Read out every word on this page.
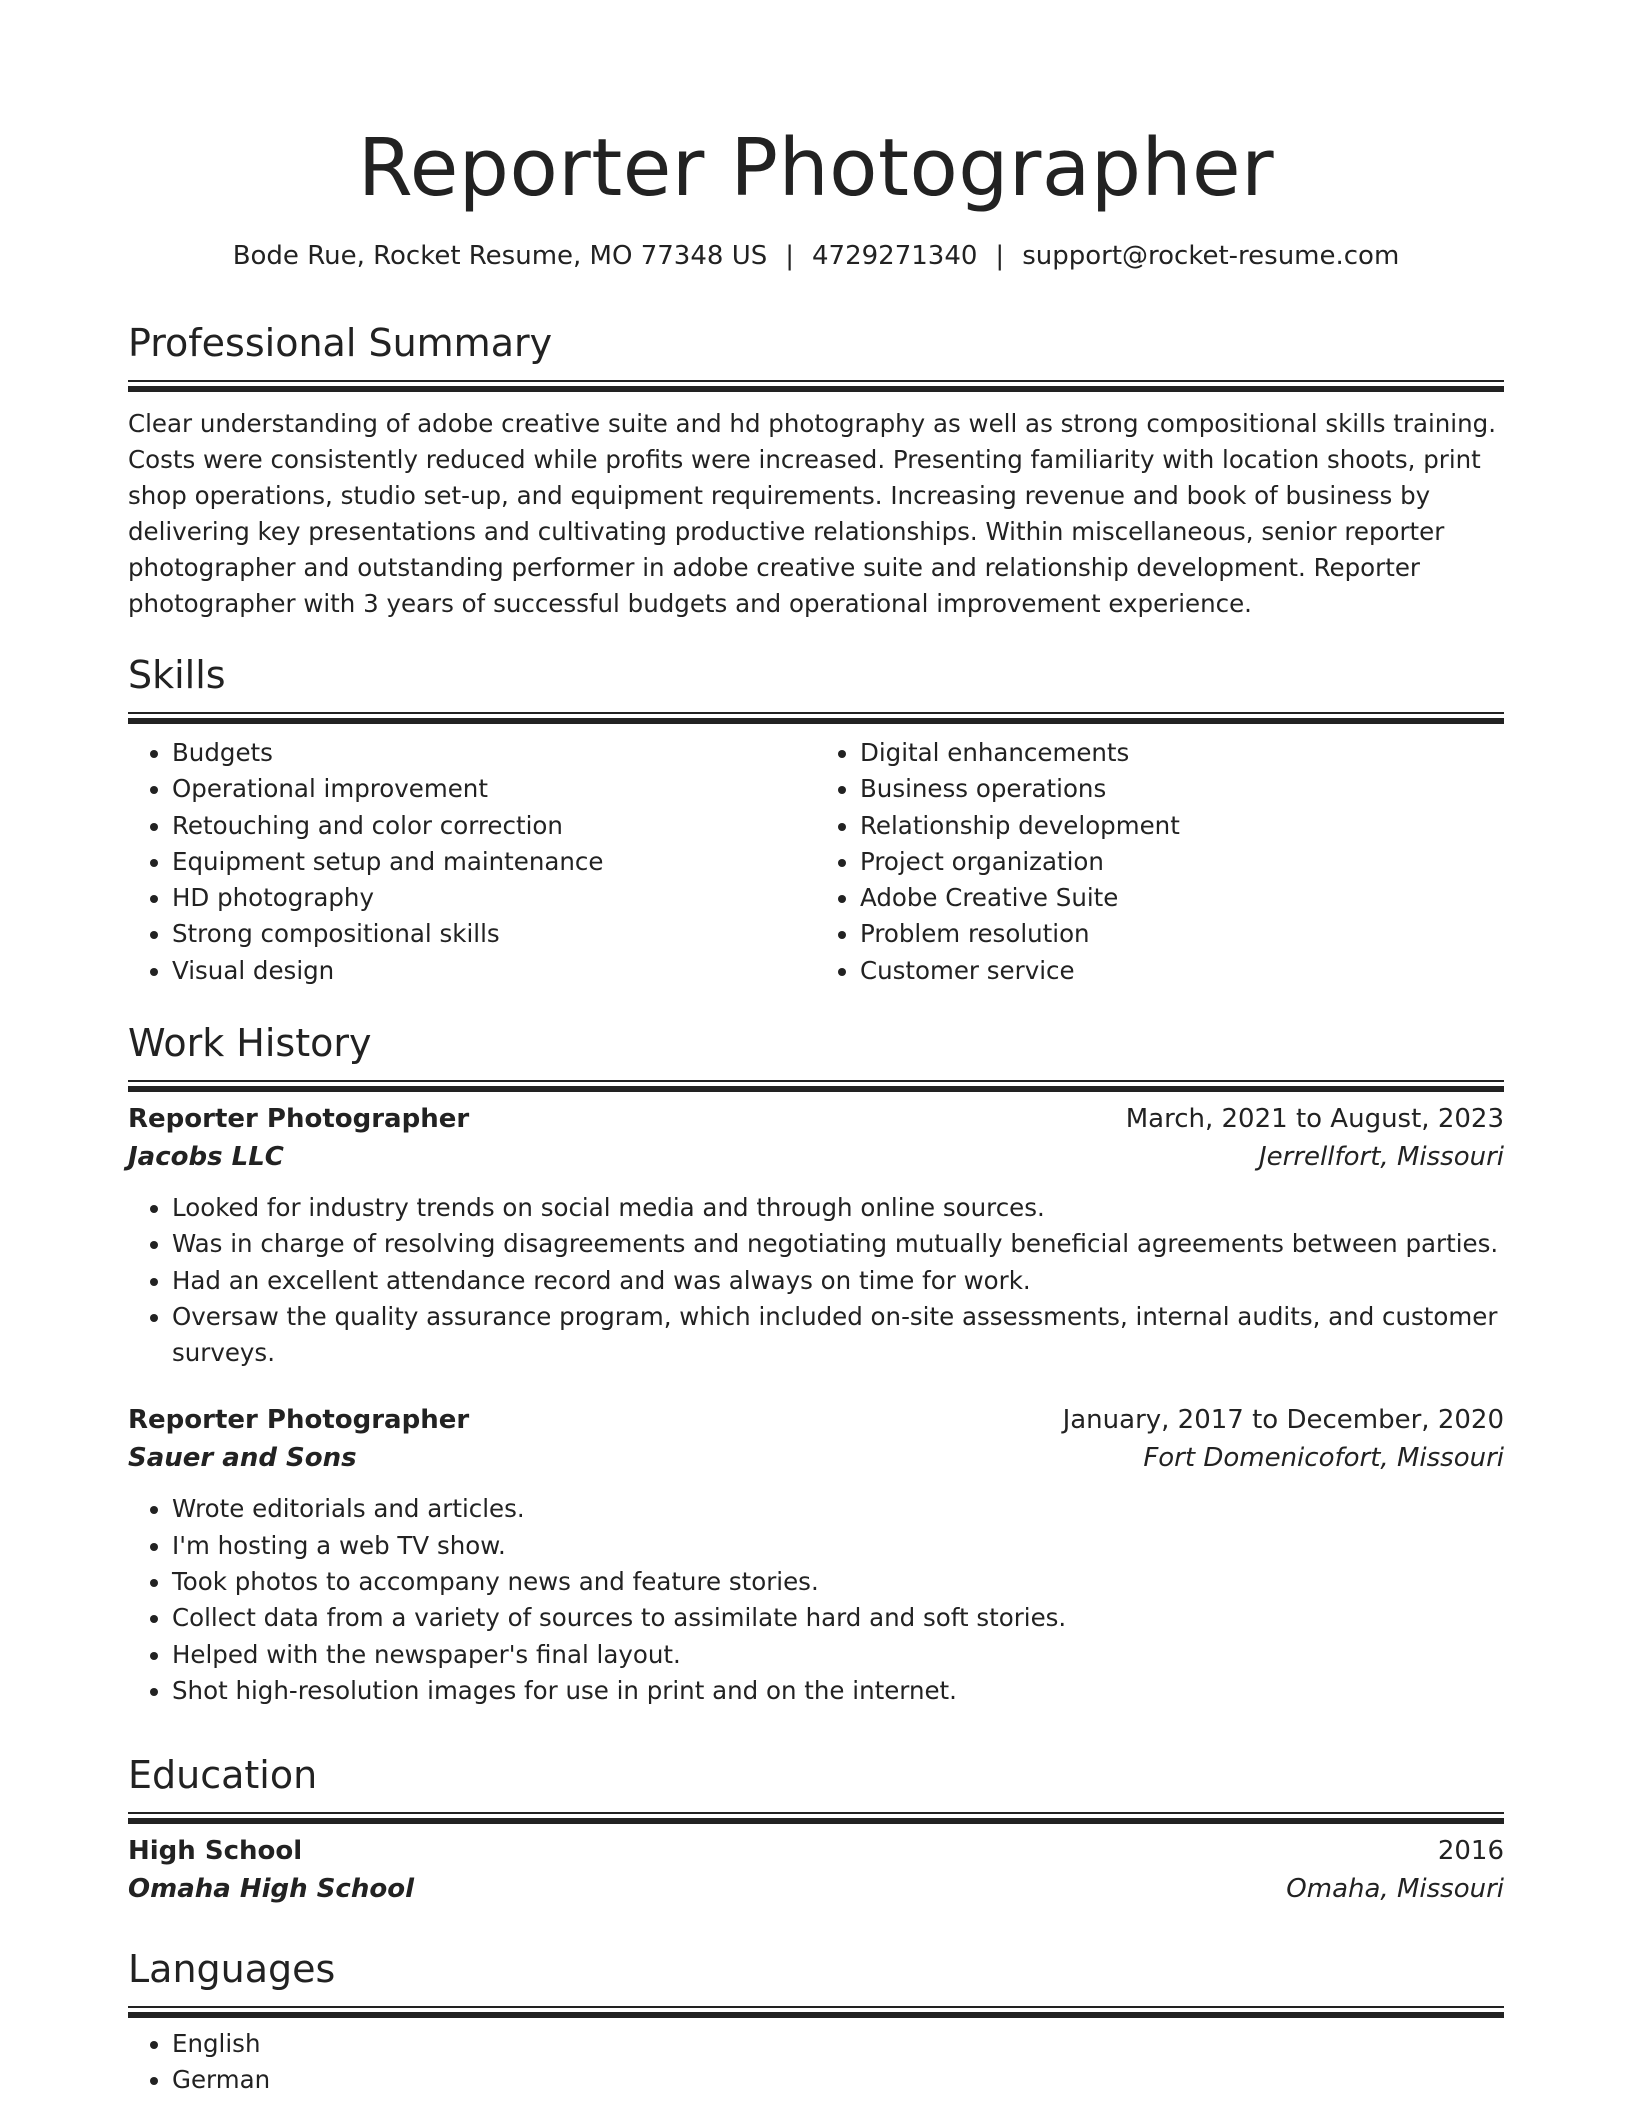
Reporter Photographer
Bode Rue, Rocket Resume, MO 77348 US | 4729271340 | support@rocket-resume.com
Professional Summary

Clear understanding of adobe creative suite and hd photography as well as strong compositional skills training. Costs were consistently reduced while profits were increased. Presenting familiarity with location shoots, print shop operations, studio set-up, and equipment requirements. Increasing revenue and book of business by delivering key presentations and cultivating productive relationships. Within miscellaneous, senior reporter photographer and outstanding performer in adobe creative suite and relationship development. Reporter photographer with 3 years of successful budgets and operational improvement experience.

Skills
• Budgets
• Operational improvement
• Retouching and color correction
• Equipment setup and maintenance
• HD photography
• Strong compositional skills
• Visual design
• Digital enhancements
• Business operations
• Relationship development
• Project organization
• Adobe Creative Suite
• Problem resolution
• Customer service
Work History
Reporter Photographer	March, 2021 to August, 2023
Jacobs LLC	Jerrellfort, Missouri
• Looked for industry trends on social media and through online sources.
• Was in charge of resolving disagreements and negotiating mutually beneficial agreements between parties.
• Had an excellent attendance record and was always on time for work.
• Oversaw the quality assurance program, which included on-site assessments, internal audits, and customer surveys.
Reporter Photographer	January, 2017 to December, 2020
Sauer and Sons	Fort Domenicofort, Missouri
• Wrote editorials and articles.
• I'm hosting a web TV show.
• Took photos to accompany news and feature stories.
• Collect data from a variety of sources to assimilate hard and soft stories.
• Helped with the newspaper's final layout.
• Shot high-resolution images for use in print and on the internet.
Education
High School	2016
Omaha High School	Omaha, Missouri
Languages
• English
• German
